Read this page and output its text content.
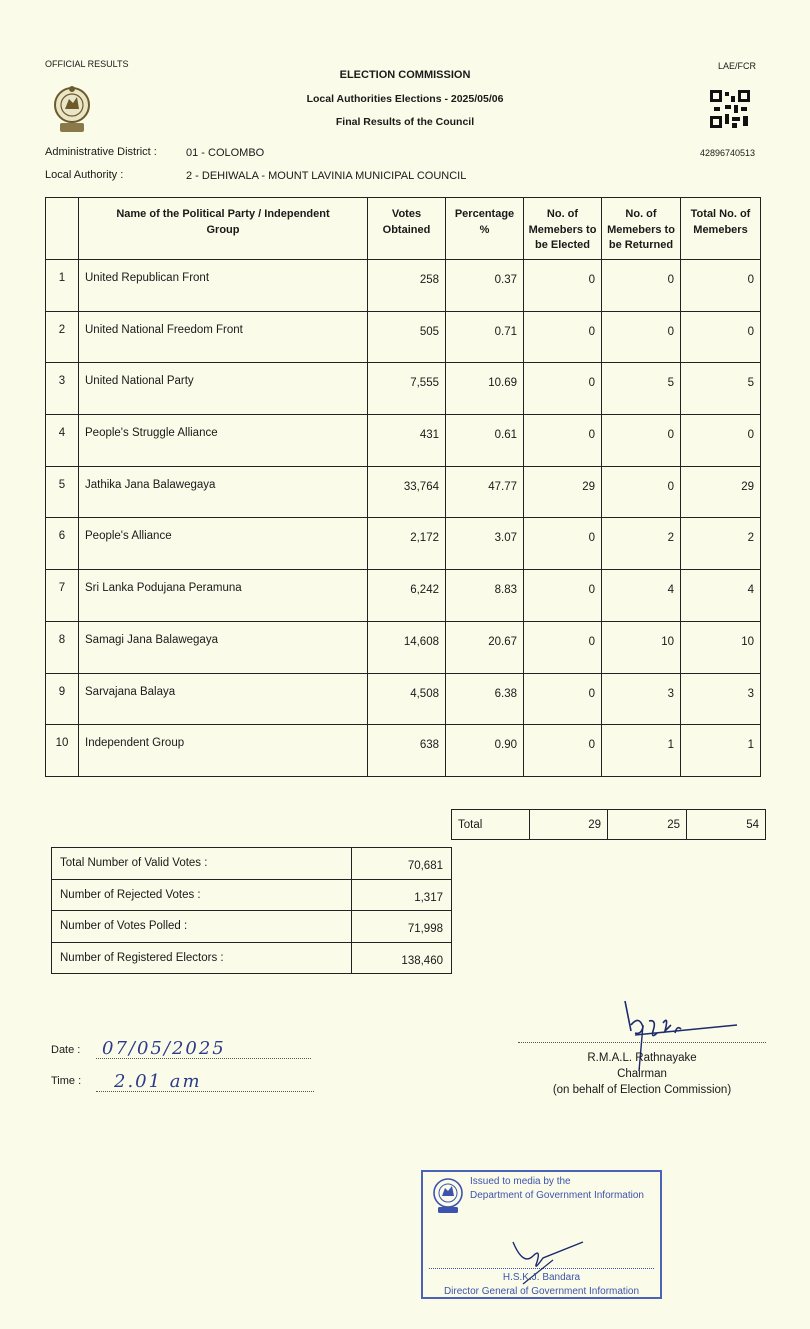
OFFICIAL RESULTS	LAE/FCR
ELECTION COMMISSION
Local Authorities Elections - 2025/05/06
Final Results of the Council
42896740513
Administrative District :	01 - COLOMBO
Local Authority :	2 - DEHIWALA - MOUNT LAVINIA MUNICIPAL COUNCIL
	Name of the Political Party / Independent Group	Votes Obtained	Percentage %	No. of Memebers to be Elected	No. of Memebers to be Returned	Total No. of Memebers
1	United Republican Front	258	0.37	0	0	0
2	United National Freedom Front	505	0.71	0	0	0
3	United National Party	7,555	10.69	0	5	5
4	People's Struggle Alliance	431	0.61	0	0	0
5	Jathika Jana Balawegaya	33,764	47.77	29	0	29
6	People's Alliance	2,172	3.07	0	2	2
7	Sri Lanka Podujana Peramuna	6,242	8.83	0	4	4
8	Samagi Jana Balawegaya	14,608	20.67	0	10	10
9	Sarvajana Balaya	4,508	6.38	0	3	3
10	Independent Group	638	0.90	0	1	1
Total	29	25	54
Total Number of Valid Votes :	70,681
Number of Rejected Votes :	1,317
Number of Votes Polled :	71,998
Number of Registered Electors :	138,460
Date : 07/05/2025
Time : 2.01 am
R.M.A.L. Rathnayake
Chairman
(on behalf of Election Commission)
Issued to media by the
Department of Government Information
H.S.K.J. Bandara
Director General of Government Information
